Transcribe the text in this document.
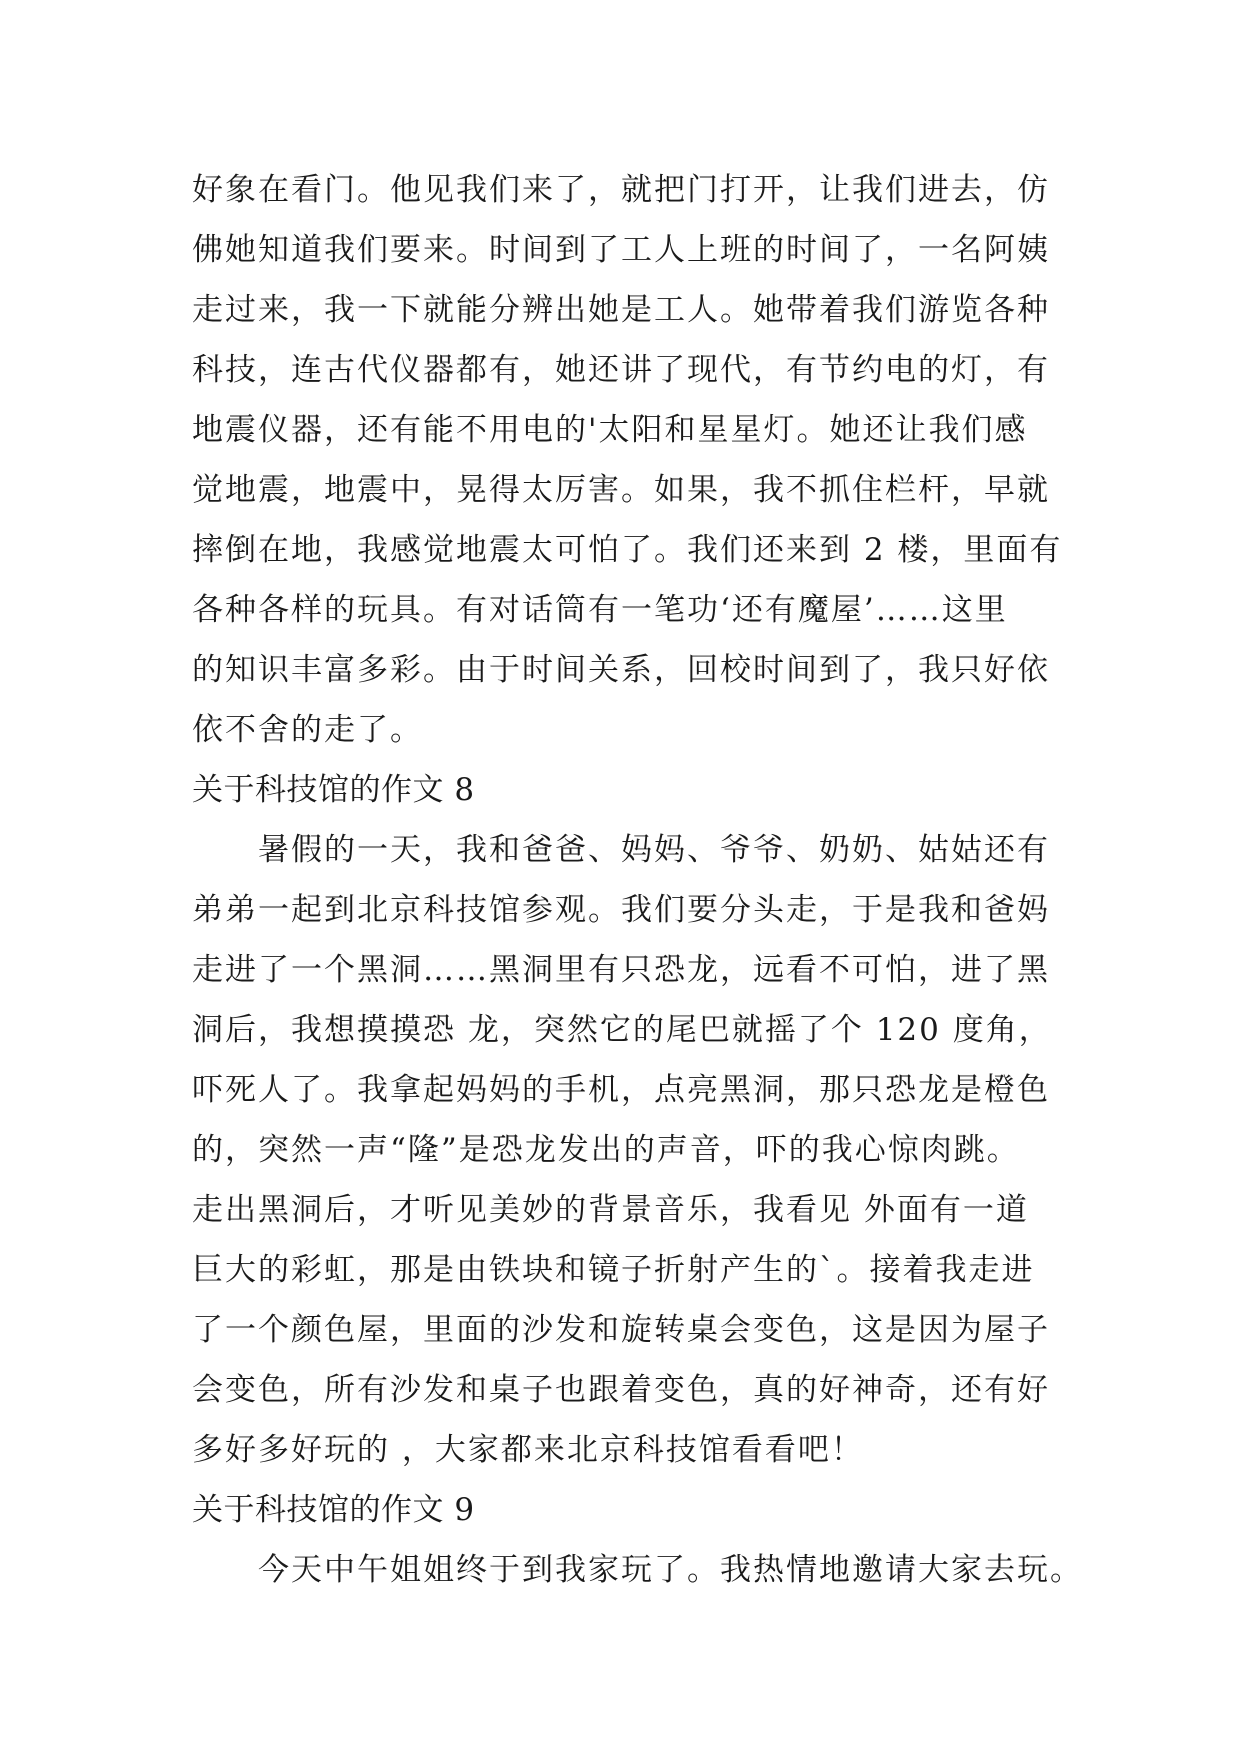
好象在看门。他见我们来了，就把门打开，让我们进去，仿
佛她知道我们要来。时间到了工人上班的时间了，一名阿姨
走过来，我一下就能分辨出她是工人。她带着我们游览各种
科技，连古代仪器都有，她还讲了现代，有节约电的灯，有
地震仪器，还有能不用电的'太阳和星星灯。她还让我们感
觉地震，地震中，晃得太厉害。如果，我不抓住栏杆，早就
摔倒在地，我感觉地震太可怕了。我们还来到 2 楼，里面有
各种各样的玩具。有对话筒有一笔功‘还有魔屋’……这里
的知识丰富多彩。由于时间关系，回校时间到了，我只好依
依不舍的走了。
关于科技馆的作文 8
暑假的一天，我和爸爸、妈妈、爷爷、奶奶、姑姑还有
弟弟一起到北京科技馆参观。我们要分头走，于是我和爸妈
走进了一个黑洞……黑洞里有只恐龙，远看不可怕，进了黑
洞后，我想摸摸恐 龙，突然它的尾巴就摇了个 120 度角，
吓死人了。我拿起妈妈的手机，点亮黑洞，那只恐龙是橙色
的，突然一声“隆”是恐龙发出的声音，吓的我心惊肉跳。
走出黑洞后，才听见美妙的背景音乐，我看见 外面有一道
巨大的彩虹，那是由铁块和镜子折射产生的`。接着我走进
了一个颜色屋，里面的沙发和旋转桌会变色，这是因为屋子
会变色，所有沙发和桌子也跟着变色，真的好神奇，还有好
多好多好玩的 ，大家都来北京科技馆看看吧！
关于科技馆的作文 9
今天中午姐姐终于到我家玩了。我热情地邀请大家去玩。
